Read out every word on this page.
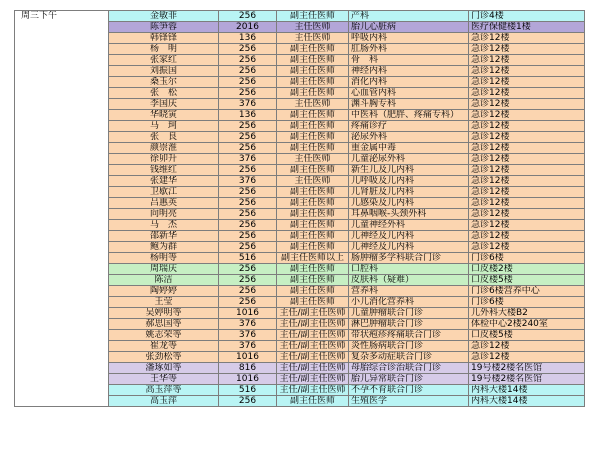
周三下午	金敏菲	256	副主任医师	产科	门诊4楼
	陈笋蓉	2016	主任医师	胎儿心脏病	医疗保健楼1楼
	韩锋锋	136	主任医师	呼吸内科	急诊12楼
	杨　明	256	副主任医师	肛肠外科	急诊12楼
	张家红	256	副主任医师	骨　科	急诊12楼
	刘振国	256	副主任医师	神经内科	急诊12楼
	桑玉尔	256	副主任医师	消化内科	急诊12楼
	张　松	256	副主任医师	心血管内科	急诊12楼
	李国庆	376	主任医师	渊斗胸专科	急诊12楼
	华晓寅	136	副主任医师	中医科（肥胖、疼痛专科）	急诊12楼
	马　珂	256	副主任医师	疼痛诊疗	急诊12楼
	张　良	256	副主任医师	泌尿外科	急诊12楼
	颜崇淮	256	副主任医师	重金属中毒	急诊12楼
	徐卯升	376	主任医师	儿童泌尿外科	急诊12楼
	钱维红	256	副主任医师	新生儿及儿内科	急诊12楼
	张建华	376	主任医师	儿呼吸及儿内科	急诊12楼
	卫歇江	256	副主任医师	儿肾脏及儿内科	急诊12楼
	吕惠英	256	副主任医师	儿感染及儿内科	急诊12楼
	向明亮	256	副主任医师	耳鼻咽喉-头颈外科	急诊12楼
	马　杰	256	副主任医师	儿童神经外科	急诊12楼
	邵新华	256	副主任医师	儿神经及儿内科	急诊12楼
	鲍为群	256	副主任医师	儿神经及儿内科	急诊12楼
	杨明等	516	副主任医师以上	肠肿瘤多学科联合门诊	门诊6楼
	周瑞庆	256	副主任医师	口腔科	口皮楼2楼
	陈洁	256	副主任医师	皮肤科（疑难）	口皮楼5楼
	陶婷婷	256	副主任医师	营养科	门诊6楼营养中心
	王莹	256	副主任医师	小儿消化营养科	门诊6楼
	吴婷明等	1016	主任/副主任医师	儿童肿瘤联合门诊	儿外科大楼B2
	郝思国等	376	主任/副主任医师	淋巴肿瘤联合门诊	体检中心2楼240室
	姚志荣等	376	主任/副主任医师	带状疱疹疼痛联合门诊	口皮楼5楼
	崔龙等	376	主任/副主任医师	炎性肠病联合门诊	急诊12楼
	张劲松等	1016	主任/副主任医师	复杂多动症联合门诊	急诊12楼
	潘琢如等	816	主任/副主任医师	母胎综合诊治联合门诊	19号楼2楼名医馆
	王华等	1016	主任/副主任医师	胎儿异常联合门诊	19号楼2楼名医馆
	高玉萍等	516	主任/副主任医师	不孕不育联合门诊	内科大楼14楼
	高玉萍	256	副主任医师	生殖医学	内科大楼14楼
